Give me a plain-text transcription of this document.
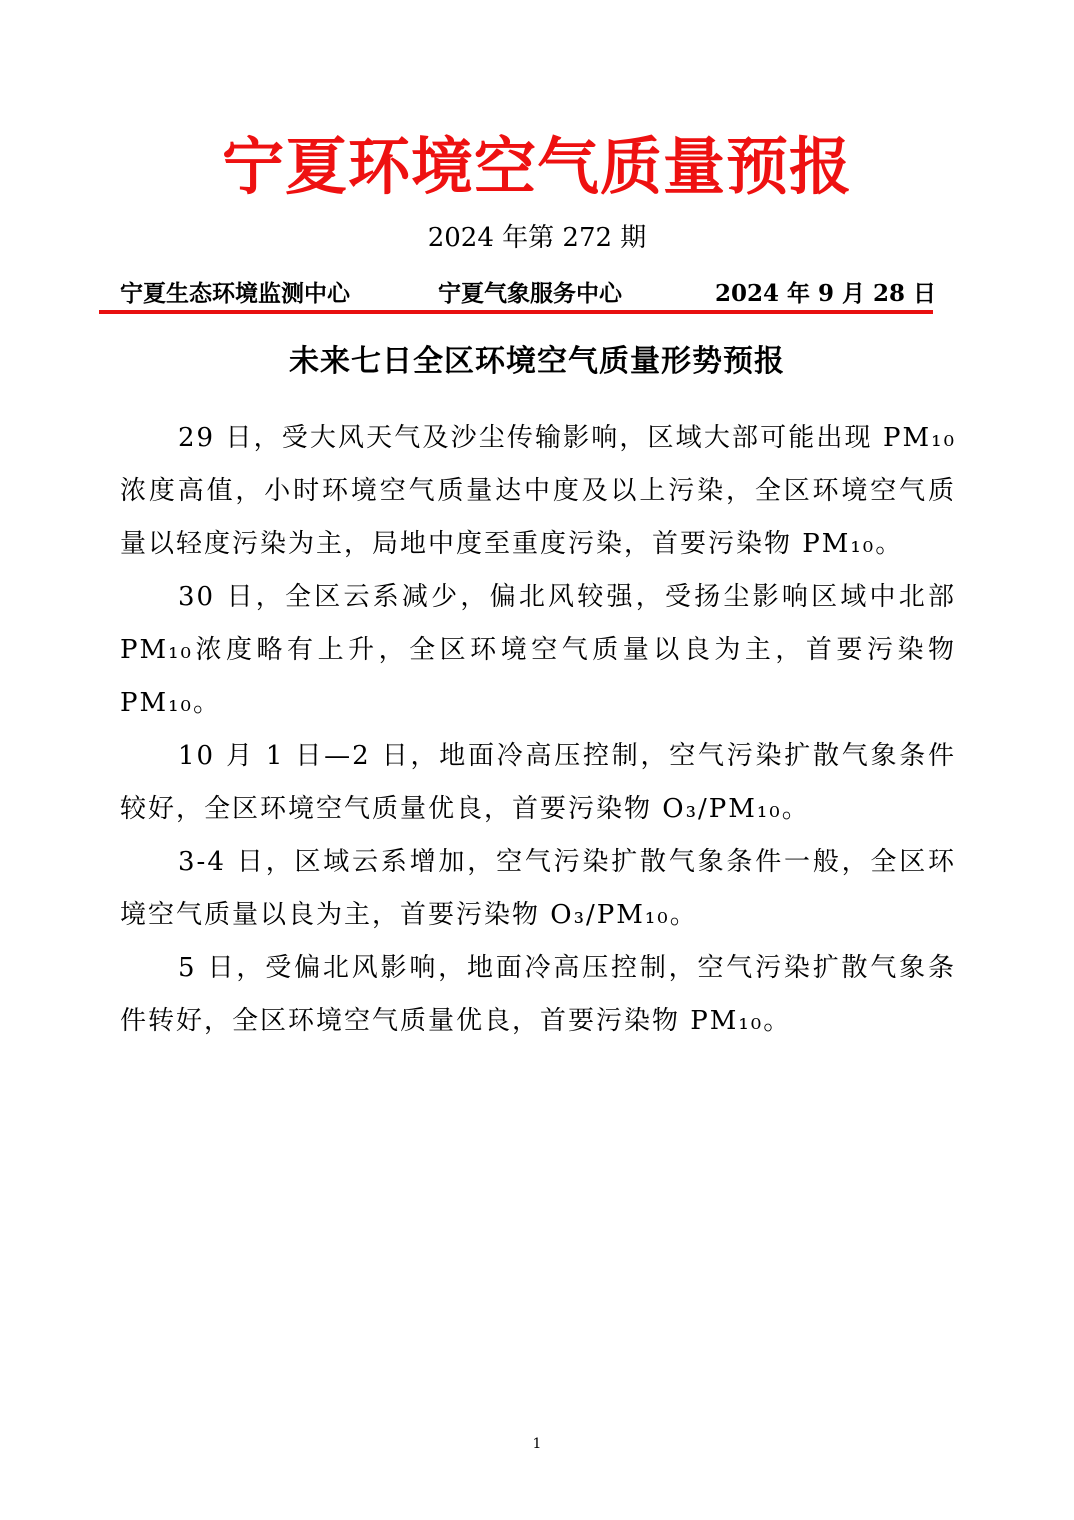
宁夏环境空气质量预报
2024 年第 272 期
宁夏生态环境监测中心	宁夏气象服务中心	2024 年 9 月 28 日
未来七日全区环境空气质量形势预报

29 日，受大风天气及沙尘传输影响，区域大部可能出现 PM₁₀ 浓度高值，小时环境空气质量达中度及以上污染，全区环境空气质量以轻度污染为主，局地中度至重度污染，首要污染物 PM₁₀。

30 日，全区云系减少，偏北风较强，受扬尘影响区域中北部 PM₁₀浓度略有上升，全区环境空气质量以良为主，首要污染物 PM₁₀。

10 月 1 日—2 日，地面冷高压控制，空气污染扩散气象条件较好，全区环境空气质量优良，首要污染物 O₃/PM₁₀。

3-4 日，区域云系增加，空气污染扩散气象条件一般，全区环境空气质量以良为主，首要污染物 O₃/PM₁₀。

5 日，受偏北风影响，地面冷高压控制，空气污染扩散气象条件转好，全区环境空气质量优良，首要污染物 PM₁₀。

1
